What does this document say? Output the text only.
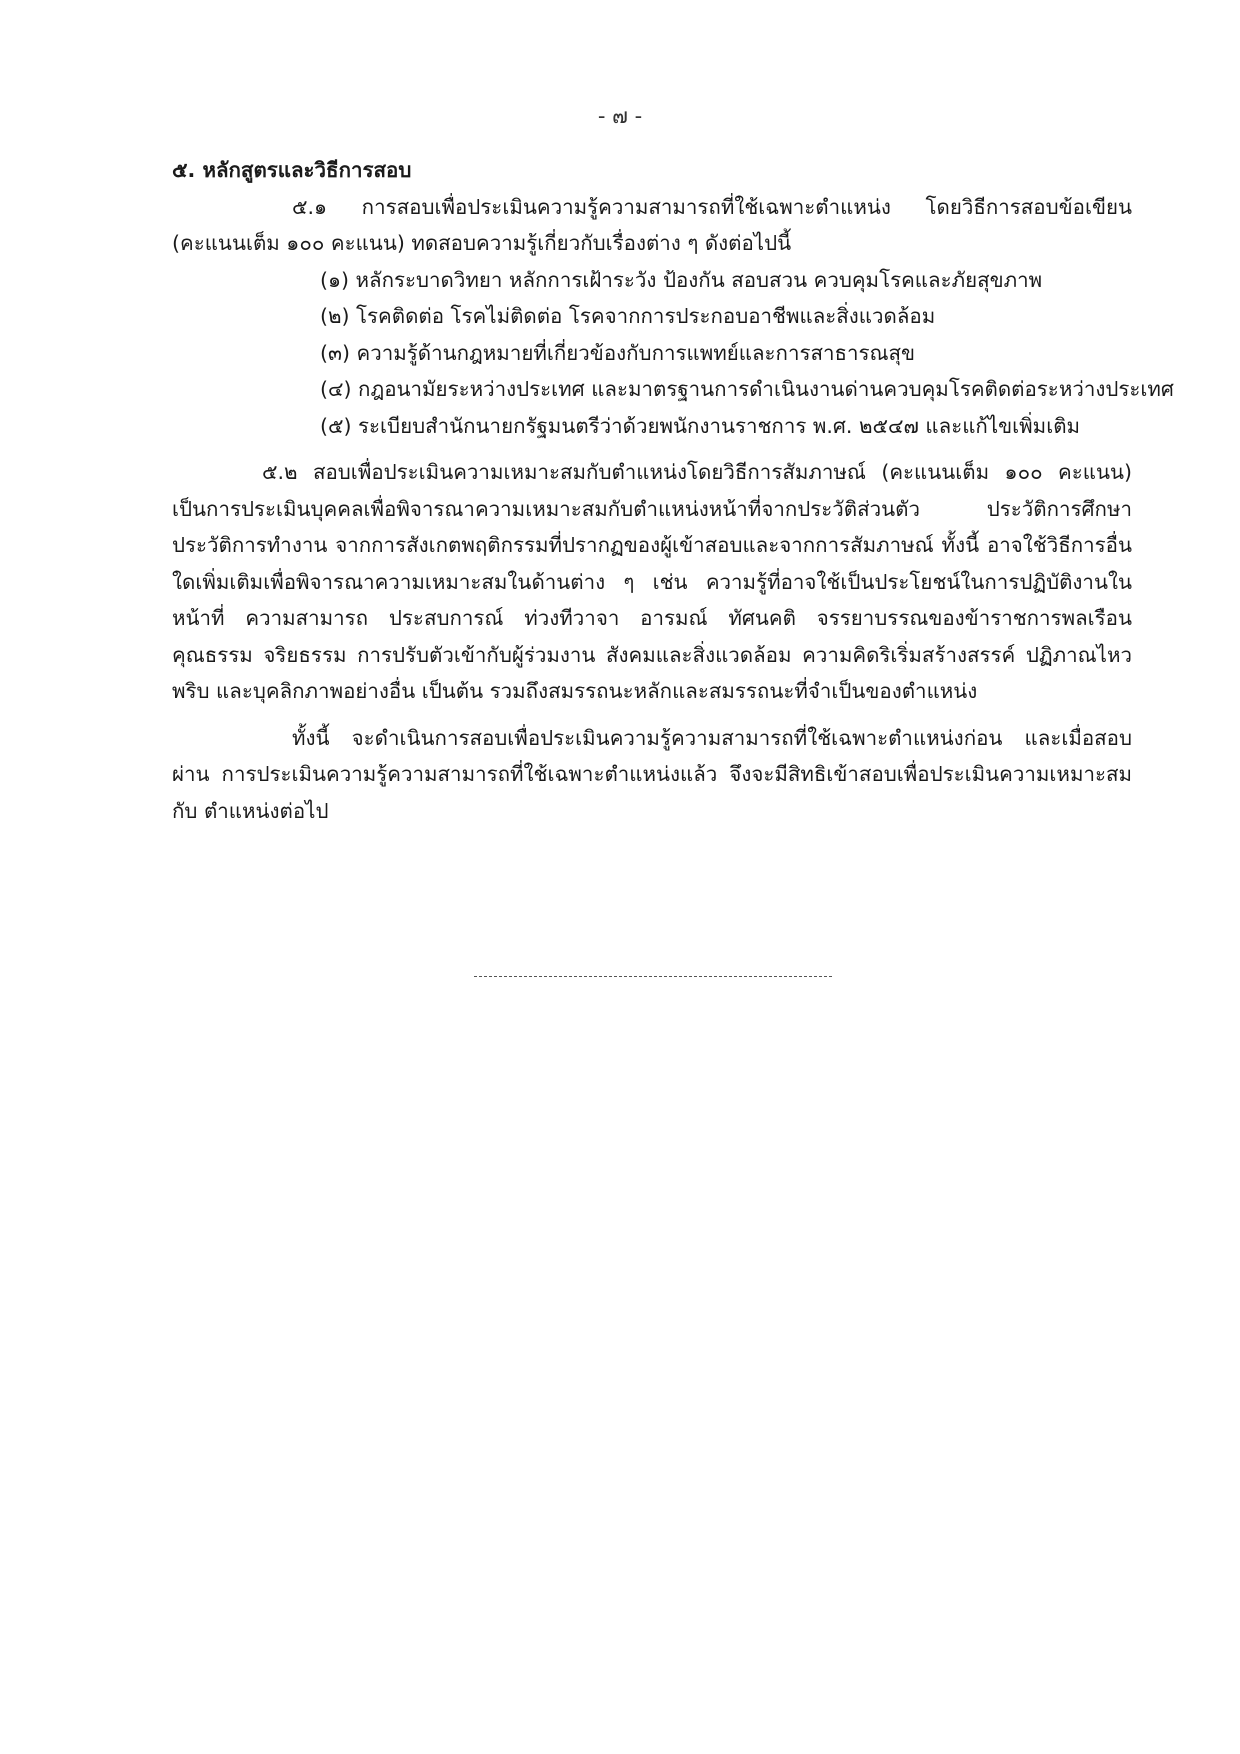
- ๗ -

๕. หลักสูตรและวิธีการสอบ

๕.๑ การสอบเพื่อประเมินความรู้ความสามารถที่ใช้เฉพาะตำแหน่ง โดยวิธีการสอบข้อเขียน (คะแนนเต็ม ๑๐๐ คะแนน) ทดสอบความรู้เกี่ยวกับเรื่องต่าง ๆ ดังต่อไปนี้

(๑) หลักระบาดวิทยา หลักการเฝ้าระวัง ป้องกัน สอบสวน ควบคุมโรคและภัยสุขภาพ
(๒) โรคติดต่อ โรคไม่ติดต่อ โรคจากการประกอบอาชีพและสิ่งแวดล้อม
(๓) ความรู้ด้านกฎหมายที่เกี่ยวข้องกับการแพทย์และการสาธารณสุข
(๔) กฎอนามัยระหว่างประเทศ และมาตรฐานการดำเนินงานด่านควบคุมโรคติดต่อระหว่างประเทศ
(๕) ระเบียบสำนักนายกรัฐมนตรีว่าด้วยพนักงานราชการ พ.ศ. ๒๕๔๗ และแก้ไขเพิ่มเติม

๕.๒ สอบเพื่อประเมินความเหมาะสมกับตำแหน่งโดยวิธีการสัมภาษณ์ (คะแนนเต็ม ๑๐๐ คะแนน) เป็นการประเมินบุคคลเพื่อพิจารณาความเหมาะสมกับตำแหน่งหน้าที่จากประวัติส่วนตัว ประวัติการศึกษา ประวัติการทำงาน จากการสังเกตพฤติกรรมที่ปรากฏของผู้เข้าสอบและจากการสัมภาษณ์ ทั้งนี้ อาจใช้วิธีการอื่นใดเพิ่มเติมเพื่อพิจารณาความเหมาะสมในด้านต่าง ๆ เช่น ความรู้ที่อาจใช้เป็นประโยชน์ในการปฏิบัติงานในหน้าที่ ความสามารถ ประสบการณ์ ท่วงทีวาจา อารมณ์ ทัศนคติ จรรยาบรรณของข้าราชการพลเรือน คุณธรรม จริยธรรม การปรับตัวเข้ากับผู้ร่วมงาน สังคมและสิ่งแวดล้อม ความคิดริเริ่มสร้างสรรค์ ปฏิภาณไหวพริบ และบุคลิกภาพอย่างอื่น เป็นต้น รวมถึงสมรรถนะหลักและสมรรถนะที่จำเป็นของตำแหน่ง

ทั้งนี้ จะดำเนินการสอบเพื่อประเมินความรู้ความสามารถที่ใช้เฉพาะตำแหน่งก่อน และเมื่อสอบผ่าน การประเมินความรู้ความสามารถที่ใช้เฉพาะตำแหน่งแล้ว จึงจะมีสิทธิเข้าสอบเพื่อประเมินความเหมาะสมกับ ตำแหน่งต่อไป
